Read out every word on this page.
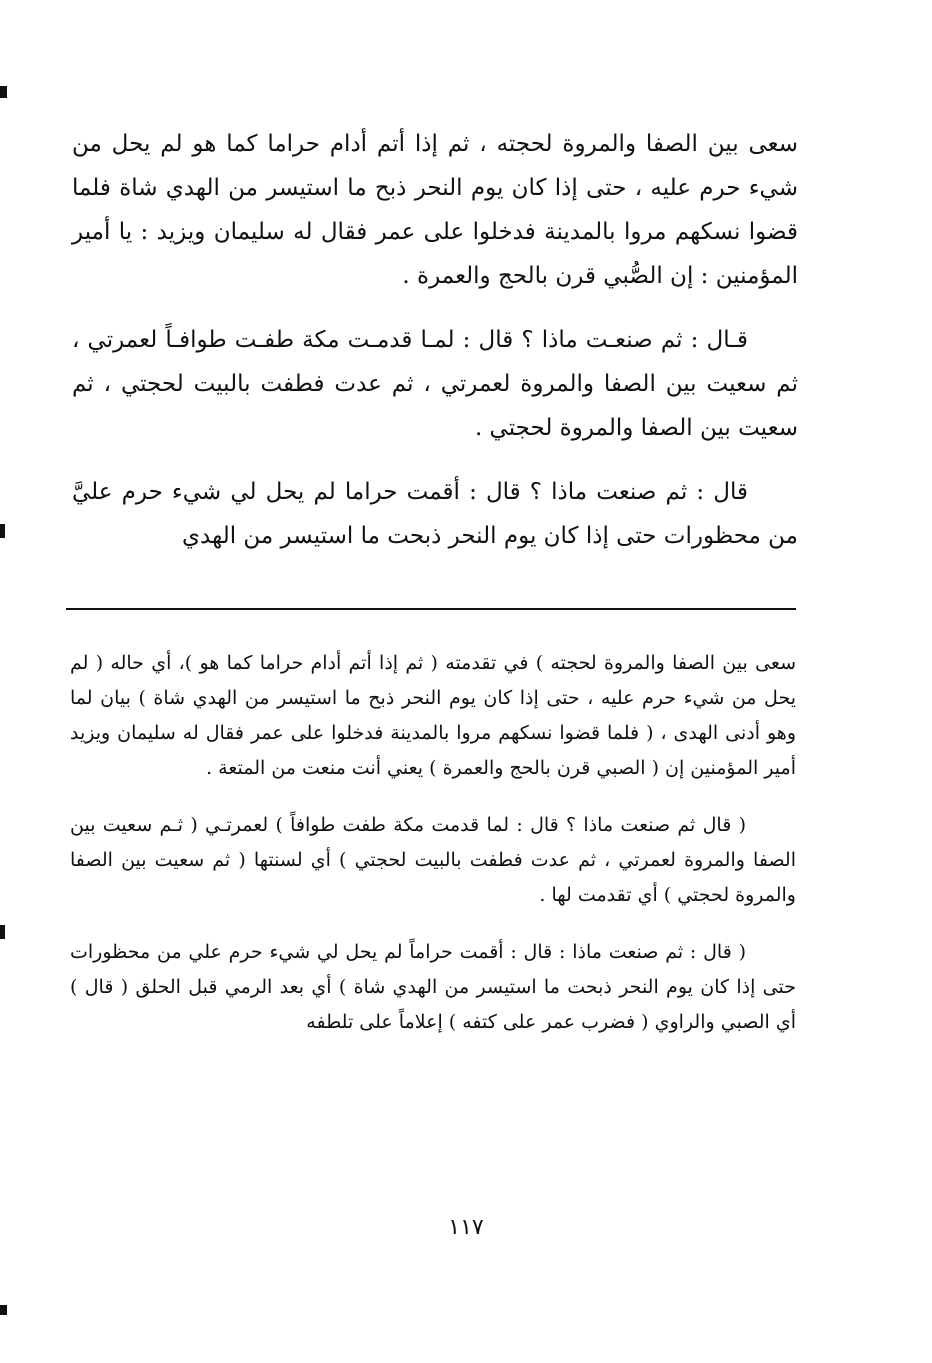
سعى بين الصفا والمروة لحجته ، ثم إذا أتم أدام حراما كما هو لم يحل من شيء حرم عليه ، حتى إذا كان يوم النحر ذبح ما استيسر من الهدي شاة فلما قضوا نسكهم مروا بالمدينة فدخلوا على عمر فقال له سليمان ويزيد : يا أمير المؤمنين : إن الصُّبي قرن بالحج والعمرة .

قـال : ثم صنعـت ماذا ؟ قال : لمـا قدمـت مكة طفـت طوافـاً لعمرتي ، ثم سعيت بين الصفا والمروة لعمرتي ، ثم عدت فطفت بالبيت لحجتي ، ثم سعيت بين الصفا والمروة لحجتي .

قال : ثم صنعت ماذا ؟ قال : أقمت حراما لم يحل لي شيء حرم عليَّ من محظورات حتى إذا كان يوم النحر ذبحت ما استيسر من الهدي

سعى بين الصفا والمروة لحجته ) في تقدمته ( ثم إذا أتم أدام حراما كما هو )، أي حاله ( لم يحل من شيء حرم عليه ، حتى إذا كان يوم النحر ذبح ما استيسر من الهدي شاة ) بيان لما وهو أدنى الهدى ، ( فلما قضوا نسكهم مروا بالمدينة فدخلوا على عمر فقال له سليمان ويزيد أمير المؤمنين إن ( الصبي قرن بالحج والعمرة ) يعني أنت منعت من المتعة .

( قال ثم صنعت ماذا ؟ قال : لما قدمت مكة طفت طوافاً ) لعمرتـي ( ثـم سعيت بين الصفا والمروة لعمرتي ، ثم عدت فطفت بالبيت لحجتي ) أي لسنتها ( ثم سعيت بين الصفا والمروة لحجتي ) أي تقدمت لها .

( قال : ثم صنعت ماذا : قال : أقمت حراماً لم يحل لي شيء حرم علي من محظورات حتى إذا كان يوم النحر ذبحت ما استيسر من الهدي شاة ) أي بعد الرمي قبل الحلق ( قال ) أي الصبي والراوي ( فضرب عمر على كتفه ) إعلاماً على تلطفه

١١٧
